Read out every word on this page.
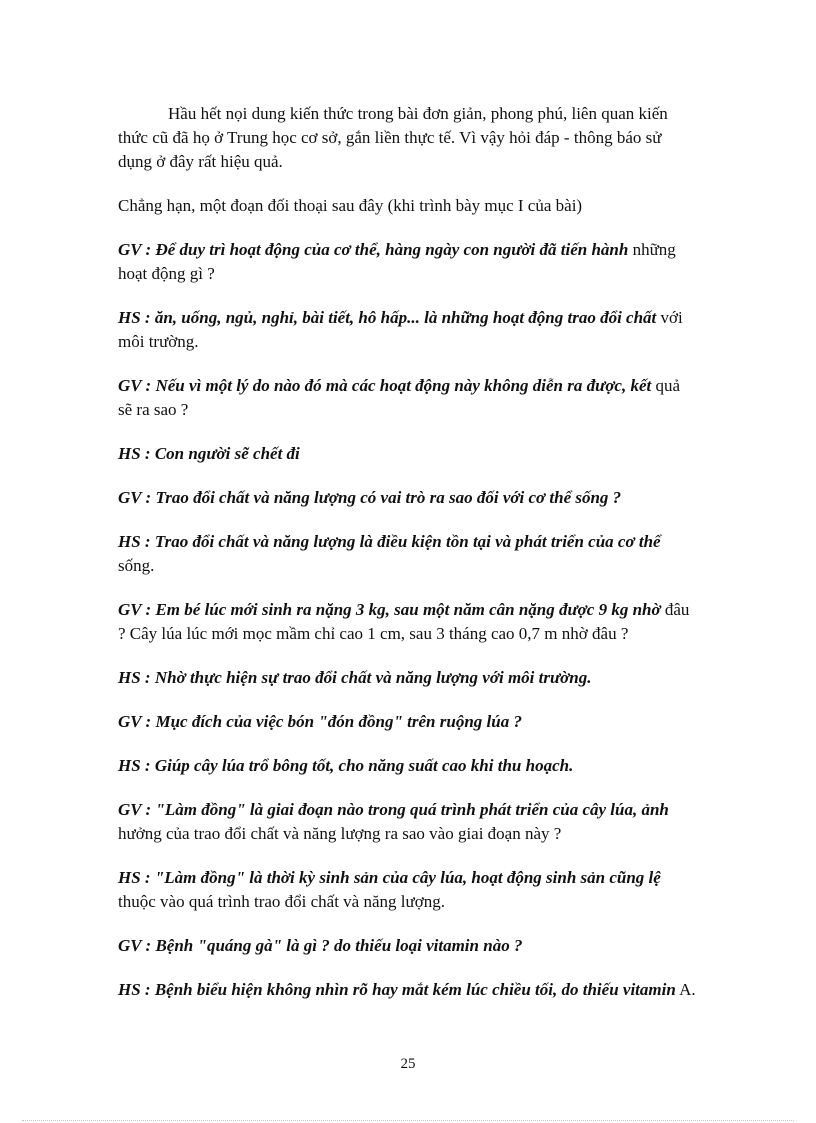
Hầu hết nọi dung kiến thức trong bài đơn giản, phong phú, liên quan kiến thức cũ đã họ ở Trung học cơ sở, gắn liền thực tế. Vì vậy hỏi đáp - thông báo sử dụng ở đây rất hiệu quả.

Chẳng hạn, một đoạn đối thoại sau đây (khi trình bày mục I của bài)

GV : Để duy trì hoạt động của cơ thể, hàng ngày con người đã tiến hành những hoạt động gì ?

HS : ăn, uống, ngủ, nghỉ, bài tiết, hô hấp... là những hoạt động trao đổi chất với môi trường.

GV : Nếu vì một lý do nào đó mà các hoạt động này không diễn ra được, kết quả sẽ ra sao ?

HS : Con người sẽ chết đi

GV : Trao đổi chất và năng lượng có vai trò ra sao đối với cơ thể sống ?

HS : Trao đổi chất và năng lượng là điều kiện tồn tại và phát triển của cơ thể sống.

GV : Em bé lúc mới sinh ra nặng 3 kg, sau một năm cân nặng được 9 kg nhờ đâu ? Cây lúa lúc mới mọc mầm chỉ cao 1 cm, sau 3 tháng cao 0,7 m nhờ đâu ?

HS : Nhờ thực hiện sự trao đổi chất và năng lượng với môi trường.

GV : Mục đích của việc bón "đón đồng" trên ruộng lúa ?

HS : Giúp cây lúa trổ bông tốt, cho năng suất cao khi thu hoạch.

GV : "Làm đồng" là giai đoạn nào trong quá trình phát triển của cây lúa, ảnh hưởng của trao đổi chất và năng lượng ra sao vào giai đoạn này ?

HS : "Làm đồng" là thời kỳ sinh sản của cây lúa, hoạt động sinh sản cũng lệ thuộc vào quá trình trao đổi chất và năng lượng.

GV : Bệnh "quáng gà" là gì ? do thiếu loại vitamin nào ?

HS : Bệnh biểu hiện không nhìn rõ hay mắt kém lúc chiều tối, do thiếu vitamin A.

25
